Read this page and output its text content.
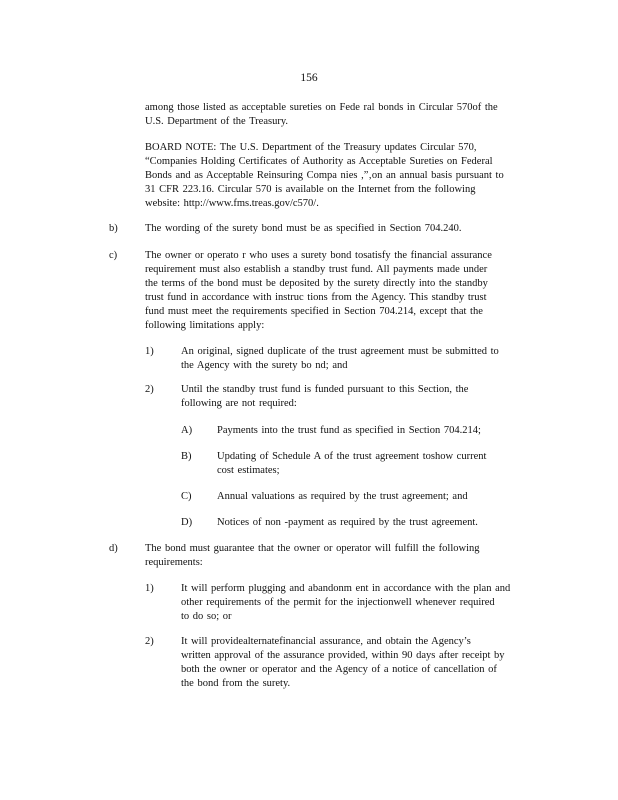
156

among those listed as acceptable sureties on Fede ral bonds in Circular 570of the
U.S. Department of the Treasury.

BOARD NOTE: The U.S. Department of the Treasury updates Circular 570,
“Companies Holding Certificates of Authority as Acceptable Sureties on Federal
Bonds and as Acceptable Reinsuring Compa nies ,”‚on an annual basis pursuant to
31 CFR 223.16. Circular 570 is available on the Internet from the following
website: http://www.fms.treas.gov/c570/.

b)	The wording of the surety bond must be as specified in Section 704.240.

c)	The owner or operato r who uses a surety bond tosatisfy the financial assurance
requirement must also establish a standby trust fund. All payments made under
the terms of the bond must be deposited by the surety directly into the standby
trust fund in accordance with instruc tions from the Agency. This standby trust
fund must meet the requirements specified in Section 704.214, except that the
following limitations apply:

1)	An original, signed duplicate of the trust agreement must be submitted to
the Agency with the surety bo nd; and

2)	Until the standby trust fund is funded pursuant to this Section, the
following are not required:

A) Payments into the trust fund as specified in Section 704.214;

B) Updating of Schedule A of the trust agreement toshow current
cost estimates;

C) Annual valuations as required by the trust agreement; and

D) Notices of non -payment as required by the trust agreement.

d)	The bond must guarantee that the owner or operator will fulfill the following
requirements:

1)	It will perform plugging and abandonm ent in accordance with the plan and
other requirements of the permit for the injectionwell whenever required
to do so; or

2)	It will providealternatefinancial assurance, and obtain the Agency’s
written approval of the assurance provided, within 90 days after receipt by
both the owner or operator and the Agency of a notice of cancellation of
the bond from the surety.
